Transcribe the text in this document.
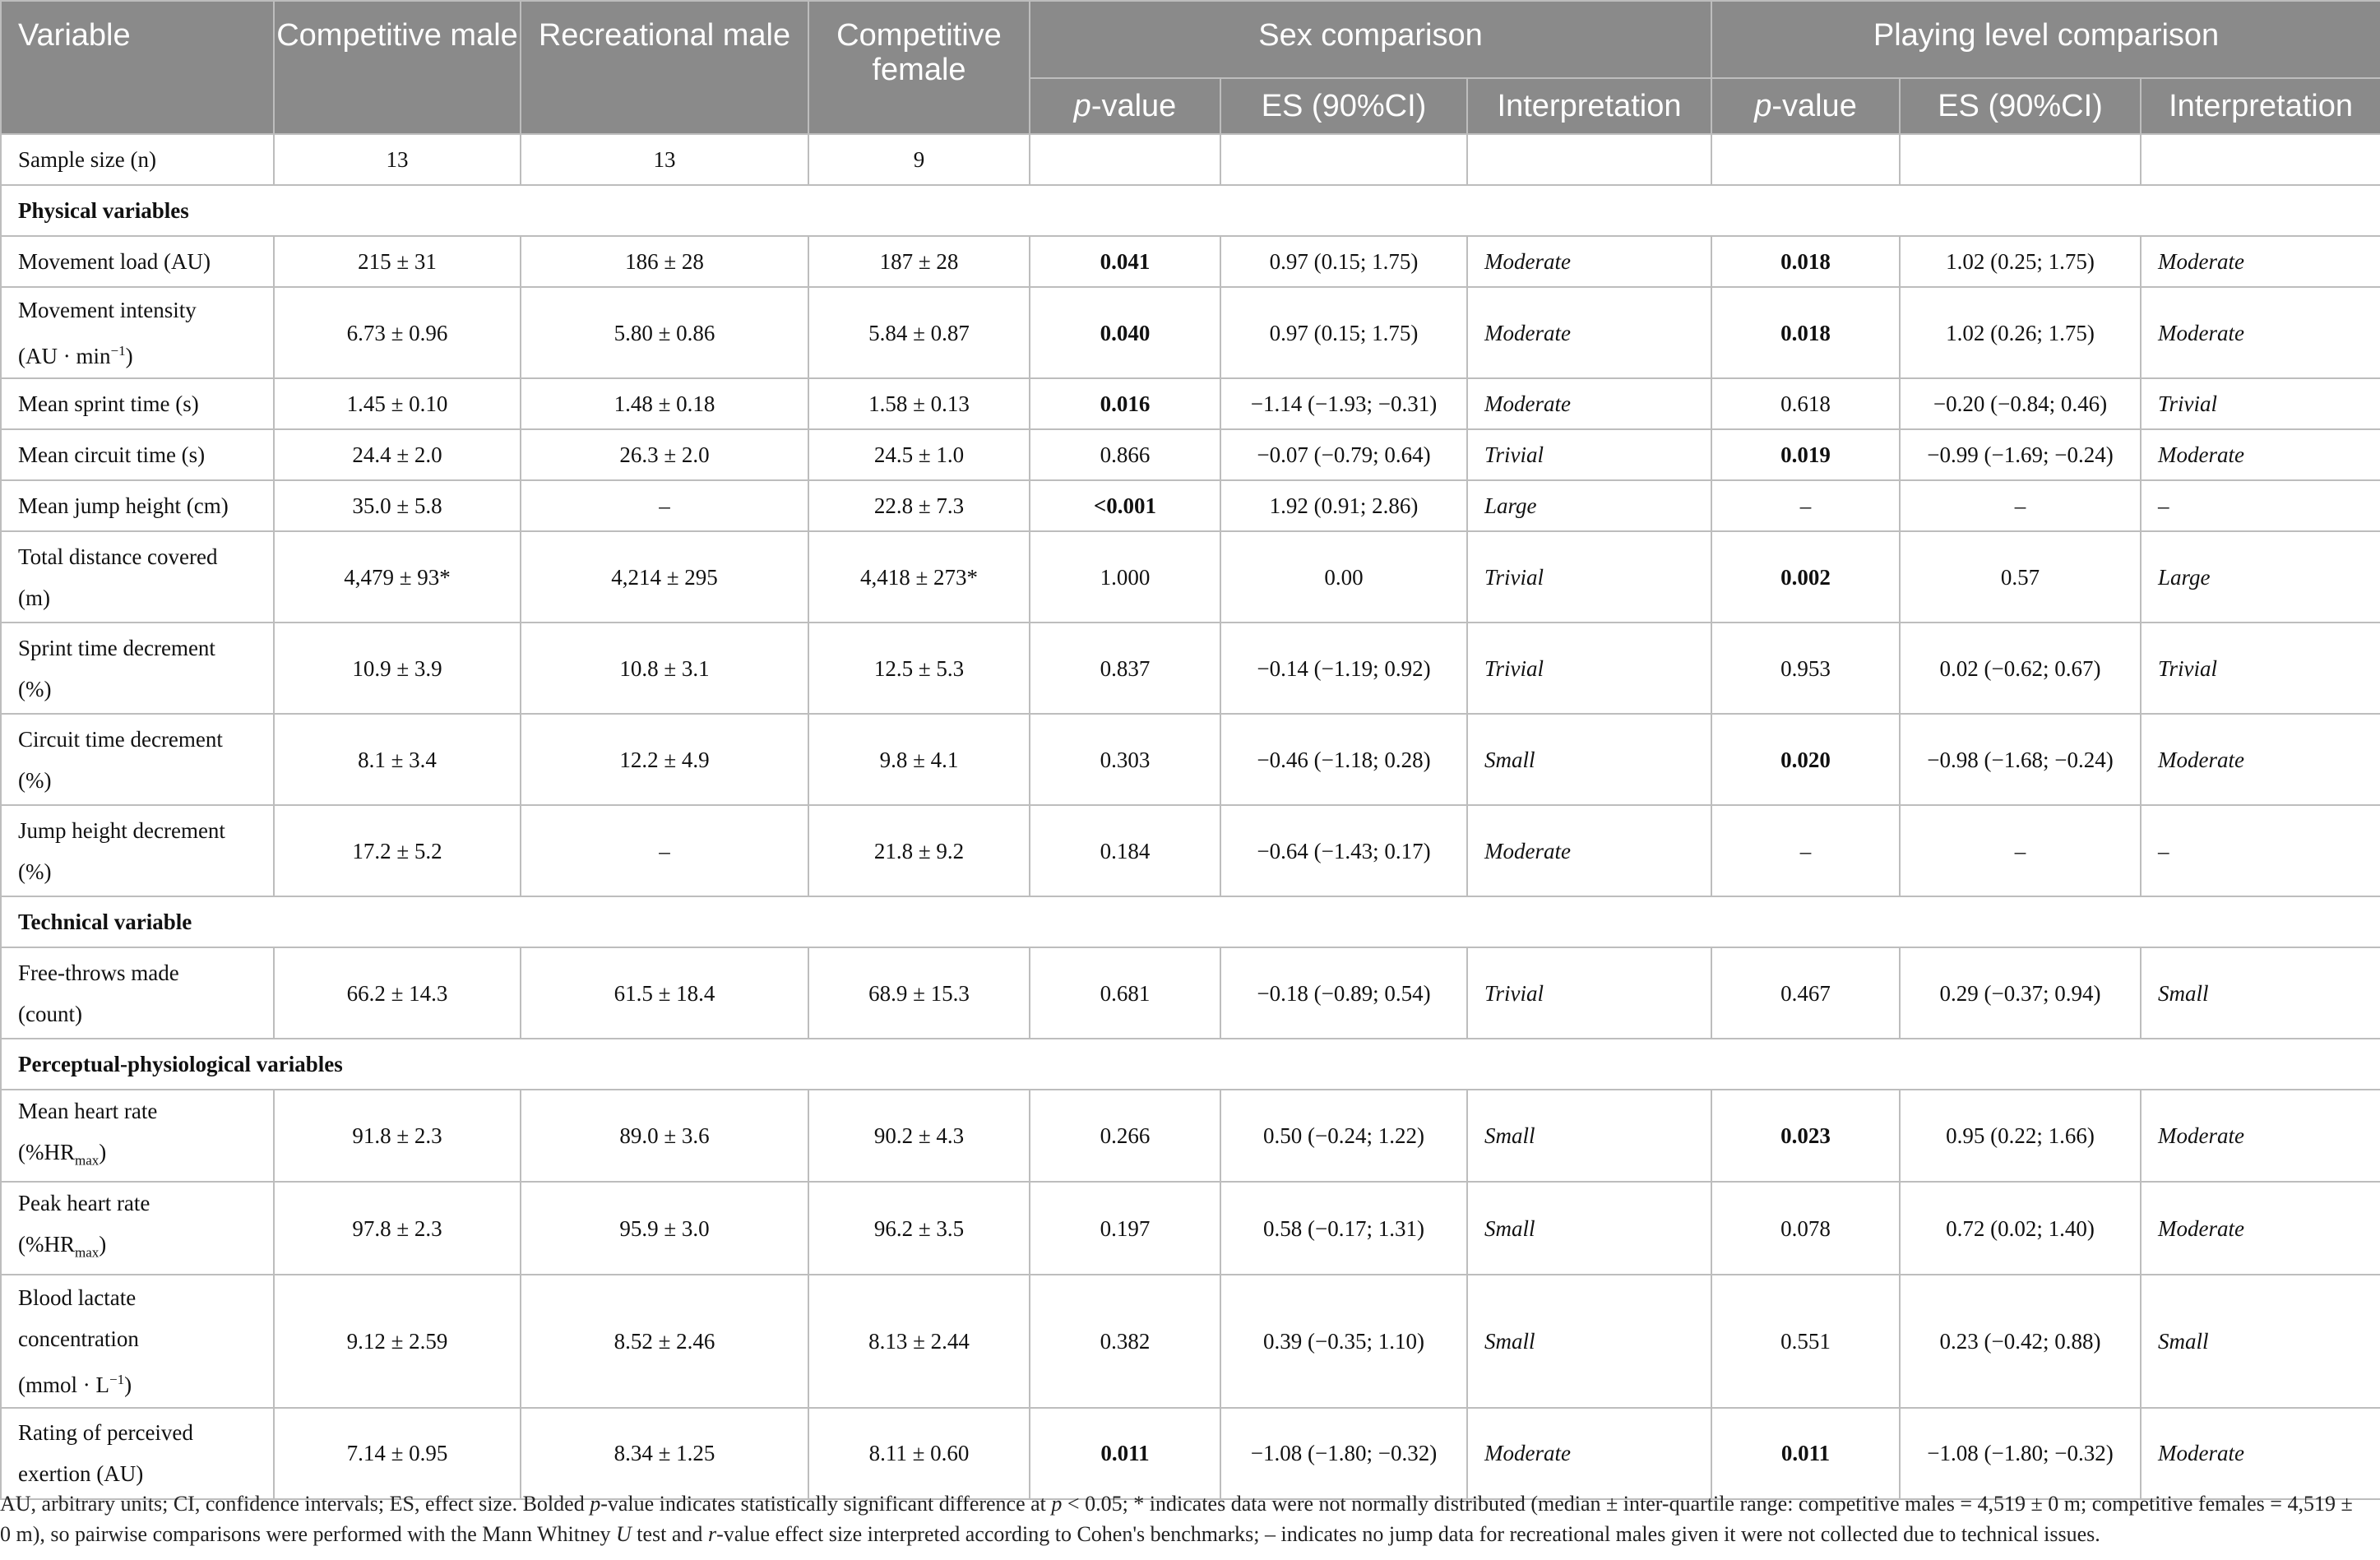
Variable	Competitive male	Recreational male	Competitive female	Sex comparison			Playing level comparison		
				p-value	ES (90%CI)	Interpretation	p-value	ES (90%CI)	Interpretation
Sample size (n)	13	13	9						
Physical variables									
Movement load (AU)	215 ± 31	186 ± 28	187 ± 28	0.041	0.97 (0.15; 1.75)	Moderate	0.018	1.02 (0.25; 1.75)	Moderate
Movement intensity
$(AU \cdot \min^{-1})$	6.73 ± 0.96	5.80 ± 0.86	5.84 ± 0.87	0.040	0.97 (0.15; 1.75)	Moderate	0.018	1.02 (0.26; 1.75)	Moderate
Mean sprint time (s)	1.45 ± 0.10	1.48 ± 0.18	1.58 ± 0.13	0.016	−1.14 (−1.93; −0.31)	Moderate	0.618	−0.20 (−0.84; 0.46)	Trivial
Mean circuit time (s)	24.4 ± 2.0	26.3 ± 2.0	24.5 ± 1.0	0.866	−0.07 (−0.79; 0.64)	Trivial	0.019	−0.99 (−1.69; −0.24)	Moderate
Mean jump height (cm)	35.0 ± 5.8	–	22.8 ± 7.3	<0.001	1.92 (0.91; 2.86)	Large	–	–	–
Total distance covered
(m)	4,479 ± 93*	4,214 ± 295	4,418 ± 273*	1.000	0.00	Trivial	0.002	0.57	Large
Sprint time decrement
(%)	10.9 ± 3.9	10.8 ± 3.1	12.5 ± 5.3	0.837	−0.14 (−1.19; 0.92)	Trivial	0.953	0.02 (−0.62; 0.67)	Trivial
Circuit time decrement
(%)	8.1 ± 3.4	12.2 ± 4.9	9.8 ± 4.1	0.303	−0.46 (−1.18; 0.28)	Small	0.020	−0.98 (−1.68; −0.24)	Moderate
Jump height decrement
(%)	17.2 ± 5.2	–	21.8 ± 9.2	0.184	−0.64 (−1.43; 0.17)	Moderate	–	–	–
Technical variable									
Free-throws made
(count)	66.2 ± 14.3	61.5 ± 18.4	68.9 ± 15.3	0.681	−0.18 (−0.89; 0.54)	Trivial	0.467	0.29 (−0.37; 0.94)	Small
Perceptual-physiological variables									
Mean heart rate
$(\%HR_{max})$	91.8 ± 2.3	89.0 ± 3.6	90.2 ± 4.3	0.266	0.50 (−0.24; 1.22)	Small	0.023	0.95 (0.22; 1.66)	Moderate
Peak heart rate
$(\%HR_{max})$	97.8 ± 2.3	95.9 ± 3.0	96.2 ± 3.5	0.197	0.58 (−0.17; 1.31)	Small	0.078	0.72 (0.02; 1.40)	Moderate
Blood lactate
concentration
(mmol · $L^{-1}$)	9.12 ± 2.59	8.52 ± 2.46	8.13 ± 2.44	0.382	0.39 (−0.35; 1.10)	Small	0.551	0.23 (−0.42; 0.88)	Small
Rating of perceived
exertion (AU)	7.14 ± 0.95	8.34 ± 1.25	8.11 ± 0.60	0.011	−1.08 (−1.80; −0.32)	Moderate	0.011	−1.08 (−1.80; −0.32)	Moderate
AU, arbitrary units; CI, confidence intervals; ES, effect size. Bolded p-value indicates statistically significant difference at p < 0.05; * indicates data were not normally distributed (median ± inter-quartile range: competitive males = 4,519 ± 0 m; competitive females = 4,519 ± 0 m), so pairwise comparisons were performed with the Mann Whitney U test and r-value effect size interpreted according to Cohen's benchmarks; – indicates no jump data for recreational males given it were not collected due to technical issues.
